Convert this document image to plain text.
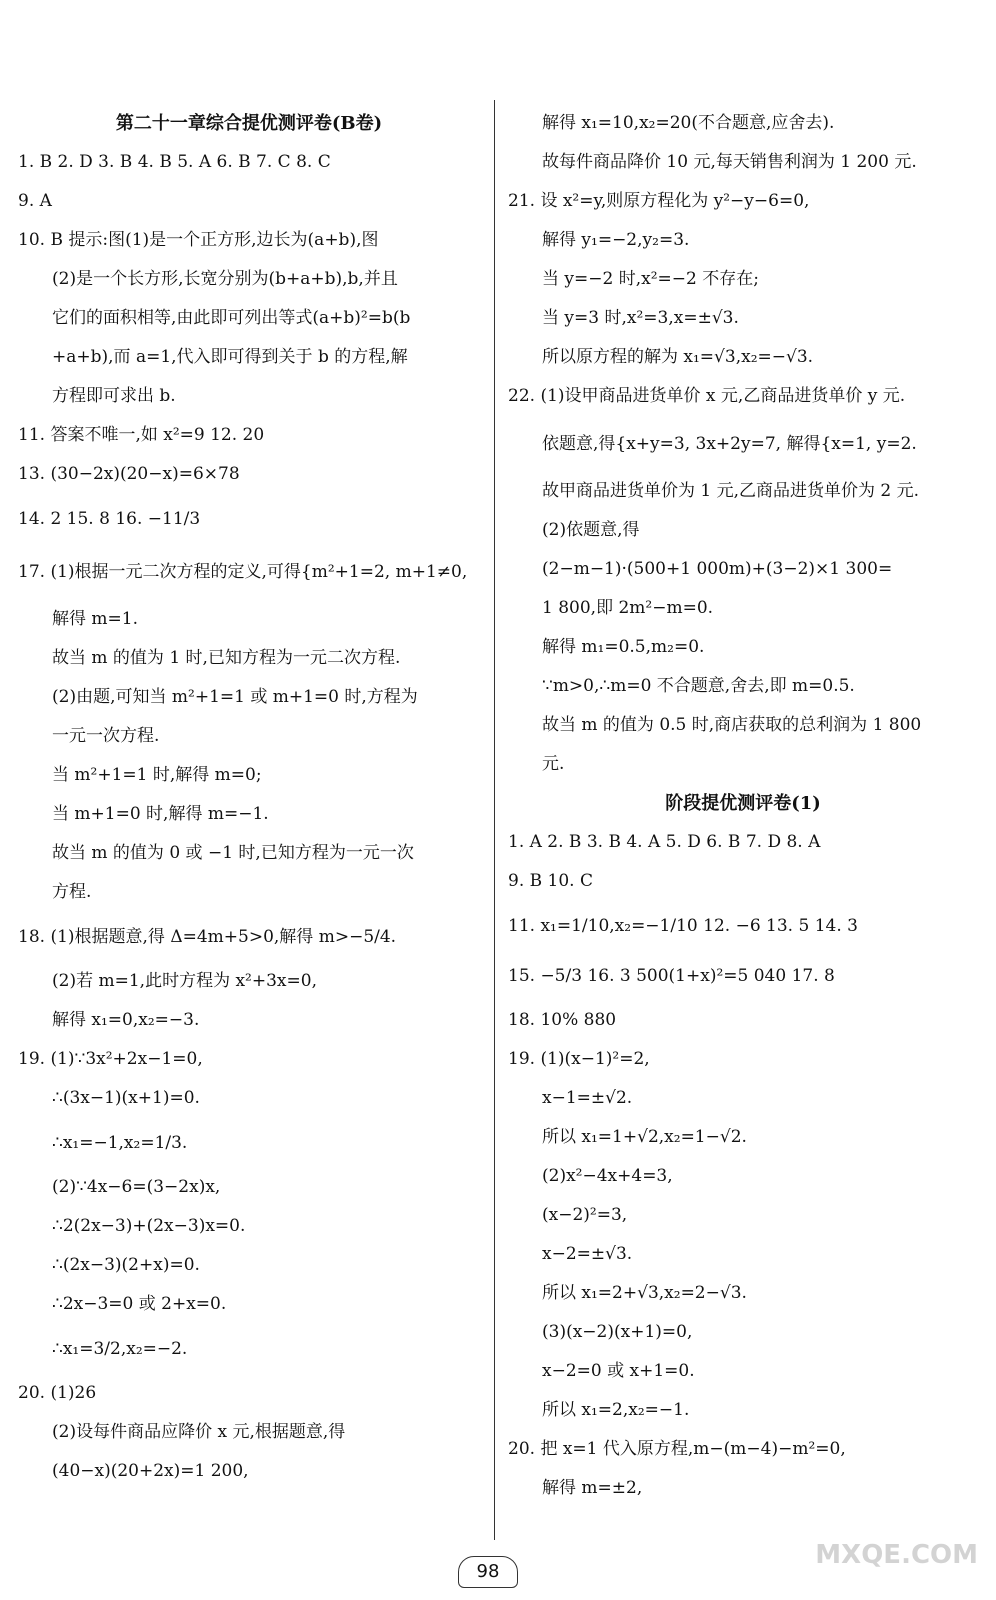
第二十一章综合提优测评卷(B卷)
1. B 2. D 3. B 4. B 5. A 6. B 7. C 8. C
9. A
10. B 提示:图(1)是一个正方形,边长为(a+b),图
(2)是一个长方形,长宽分别为(b+a+b),b,并且
它们的面积相等,由此即可列出等式(a+b)²=b(b
+a+b),而 a=1,代入即可得到关于 b 的方程,解
方程即可求出 b.
11. 答案不唯一,如 x²=9 12. 20
13. (30−2x)(20−x)=6×78
14. 2 15. 8 16. −11/3
17. (1)根据一元二次方程的定义,可得{m²+1=2, m+1≠0,
解得 m=1.
故当 m 的值为 1 时,已知方程为一元二次方程.
(2)由题,可知当 m²+1=1 或 m+1=0 时,方程为
一元一次方程.
当 m²+1=1 时,解得 m=0;
当 m+1=0 时,解得 m=−1.
故当 m 的值为 0 或 −1 时,已知方程为一元一次
方程.
18. (1)根据题意,得 Δ=4m+5>0,解得 m>−5/4.
(2)若 m=1,此时方程为 x²+3x=0,
解得 x₁=0,x₂=−3.
19. (1)∵3x²+2x−1=0,
∴(3x−1)(x+1)=0.
∴x₁=−1,x₂=1/3.
(2)∵4x−6=(3−2x)x,
∴2(2x−3)+(2x−3)x=0.
∴(2x−3)(2+x)=0.
∴2x−3=0 或 2+x=0.
∴x₁=3/2,x₂=−2.
20. (1)26
(2)设每件商品应降价 x 元,根据题意,得
(40−x)(20+2x)=1 200,
解得 x₁=10,x₂=20(不合题意,应舍去).
故每件商品降价 10 元,每天销售利润为 1 200 元.
21. 设 x²=y,则原方程化为 y²−y−6=0,
解得 y₁=−2,y₂=3.
当 y=−2 时,x²=−2 不存在;
当 y=3 时,x²=3,x=±√3.
所以原方程的解为 x₁=√3,x₂=−√3.
22. (1)设甲商品进货单价 x 元,乙商品进货单价 y 元.
依题意,得{x+y=3, 3x+2y=7, 解得{x=1, y=2.
故甲商品进货单价为 1 元,乙商品进货单价为 2 元.
(2)依题意,得
(2−m−1)·(500+1 000m)+(3−2)×1 300=
1 800,即 2m²−m=0.
解得 m₁=0.5,m₂=0.
∵m>0,∴m=0 不合题意,舍去,即 m=0.5.
故当 m 的值为 0.5 时,商店获取的总利润为 1 800
元.
阶段提优测评卷(1)
1. A 2. B 3. B 4. A 5. D 6. B 7. D 8. A
9. B 10. C
11. x₁=1/10,x₂=−1/10 12. −6 13. 5 14. 3
15. −5/3 16. 3 500(1+x)²=5 040 17. 8
18. 10% 880
19. (1)(x−1)²=2,
x−1=±√2.
所以 x₁=1+√2,x₂=1−√2.
(2)x²−4x+4=3,
(x−2)²=3,
x−2=±√3.
所以 x₁=2+√3,x₂=2−√3.
(3)(x−2)(x+1)=0,
x−2=0 或 x+1=0.
所以 x₁=2,x₂=−1.
20. 把 x=1 代入原方程,m−(m−4)−m²=0,
解得 m=±2,
98
MXQE.COM
